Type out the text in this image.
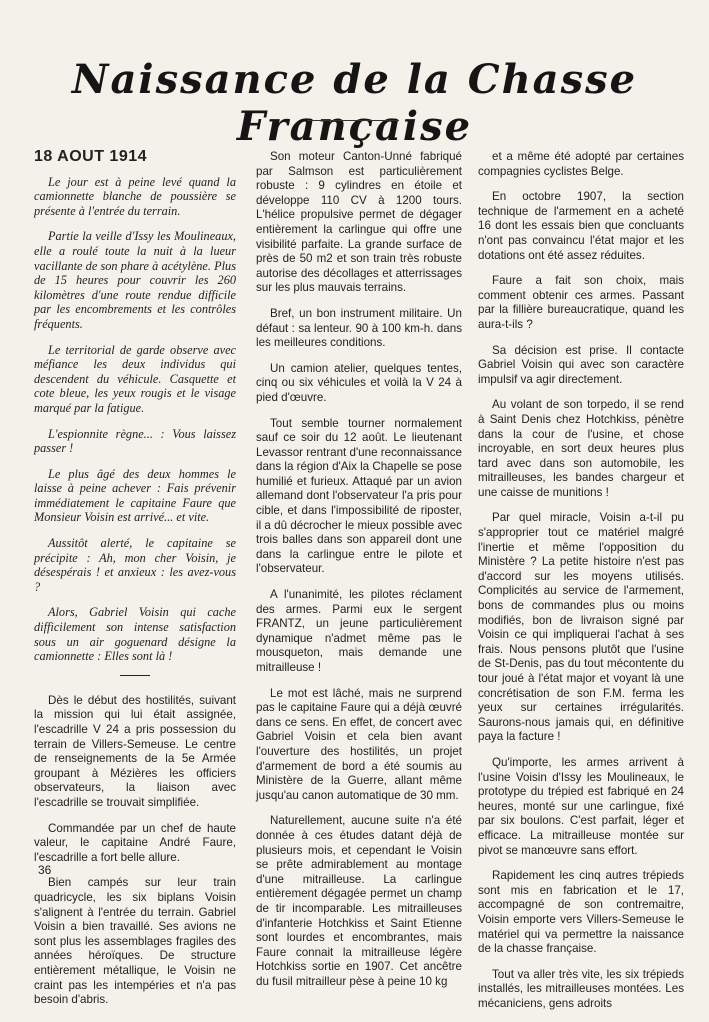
Naissance de la Chasse Française
18 AOUT 1914

Le jour est à peine levé quand la camionnette blanche de poussière se présente à l'entrée du terrain.

Partie la veille d'Issy les Moulineaux, elle a roulé toute la nuit à la lueur vacillante de son phare à acétylène. Plus de 15 heures pour couvrir les 260 kilomètres d'une route rendue difficile par les encombrements et les contrôles fréquents.

Le territorial de garde observe avec méfiance les deux individus qui descendent du véhicule. Casquette et cote bleue, les yeux rougis et le visage marqué par la fatigue.

L'espionnite règne... : Vous laissez passer !

Le plus âgé des deux hommes le laisse à peine achever : Fais prévenir immédiatement le capitaine Faure que Monsieur Voisin est arrivé... et vite.

Aussitôt alerté, le capitaine se précipite : Ah, mon cher Voisin, je désespérais ! et anxieux : les avez-vous ?

Alors, Gabriel Voisin qui cache difficilement son intense satisfaction sous un air goguenard désigne la camionnette : Elles sont là !

Dès le début des hostilités, suivant la mission qui lui était assignée, l'escadrille V 24 a pris possession du terrain de Villers-Semeuse. Le centre de renseignements de la 5e Armée groupant à Mézières les officiers observateurs, la liaison avec l'escadrille se trouvait simplifiée.

Commandée par un chef de haute valeur, le capitaine André Faure, l'escadrille a fort belle allure.

Bien campés sur leur train quadricycle, les six biplans Voisin s'alignent à l'entrée du terrain. Gabriel Voisin a bien travaillé. Ses avions ne sont plus les assemblages fragiles des années héroïques. De structure entièrement métallique, le Voisin ne craint pas les intempéries et n'a pas besoin d'abris.

Son moteur Canton-Unné fabriqué par Salmson est particulièrement robuste : 9 cylindres en étoile et développe 110 CV à 1200 tours. L'hélice propulsive permet de dégager entièrement la carlingue qui offre une visibilité parfaite. La grande surface de près de 50 m2 et son train très robuste autorise des décollages et atterrissages sur les plus mauvais terrains.

Bref, un bon instrument militaire. Un défaut : sa lenteur. 90 à 100 km-h. dans les meilleures conditions.

Un camion atelier, quelques tentes, cinq ou six véhicules et voilà la V 24 à pied d'œuvre.

Tout semble tourner normalement sauf ce soir du 12 août. Le lieutenant Levassor rentrant d'une reconnaissance dans la région d'Aix la Chapelle se pose humilié et furieux. Attaqué par un avion allemand dont l'observateur l'a pris pour cible, et dans l'impossibilité de riposter, il a dû décrocher le mieux possible avec trois balles dans son appareil dont une dans la carlingue entre le pilote et l'observateur.

A l'unanimité, les pilotes réclament des armes. Parmi eux le sergent FRANTZ, un jeune particulièrement dynamique n'admet même pas le mousqueton, mais demande une mitrailleuse !

Le mot est lâché, mais ne surprend pas le capitaine Faure qui a déjà œuvré dans ce sens. En effet, de concert avec Gabriel Voisin et cela bien avant l'ouverture des hostilités, un projet d'armement de bord a été soumis au Ministère de la Guerre, allant même jusqu'au canon automatique de 30 mm.

Naturellement, aucune suite n'a été donnée à ces études datant déjà de plusieurs mois, et cependant le Voisin se prête admirablement au montage d'une mitrailleuse. La carlingue entièrement dégagée permet un champ de tir incomparable. Les mitrailleuses d'infanterie Hotchkiss et Saint Etienne sont lourdes et encombrantes, mais Faure connait la mitrailleuse légère Hotchkiss sortie en 1907. Cet ancêtre du fusil mitrailleur pèse à peine 10 kg

et a même été adopté par certaines compagnies cyclistes Belge.

En octobre 1907, la section technique de l'armement en a acheté 16 dont les essais bien que concluants n'ont pas convaincu l'état major et les dotations ont été assez réduites.

Faure a fait son choix, mais comment obtenir ces armes. Passant par la fillière bureaucratique, quand les aura-t-ils ?

Sa décision est prise. Il contacte Gabriel Voisin qui avec son caractère impulsif va agir directement.

Au volant de son torpedo, il se rend à Saint Denis chez Hotchkiss, pénètre dans la cour de l'usine, et chose incroyable, en sort deux heures plus tard avec dans son automobile, les mitrailleuses, les bandes chargeur et une caisse de munitions !

Par quel miracle, Voisin a-t-il pu s'approprier tout ce matériel malgré l'inertie et même l'opposition du Ministère ? La petite histoire n'est pas d'accord sur les moyens utilisés. Complicités au service de l'armement, bons de commandes plus ou moins modifiés, bon de livraison signé par Voisin ce qui impliquerai l'achat à ses frais. Nous pensons plutôt que l'usine de St-Denis, pas du tout mécontente du tour joué à l'état major et voyant là une concrétisation de son F.M. ferma les yeux sur certaines irrégularités. Saurons-nous jamais qui, en définitive paya la facture !

Qu'importe, les armes arrivent à l'usine Voisin d'Issy les Moulineaux, le prototype du trépied est fabriqué en 24 heures, monté sur une carlingue, fixé par six boulons. C'est parfait, léger et efficace. La mitrailleuse montée sur pivot se manœuvre sans effort.

Rapidement les cinq autres trépieds sont mis en fabrication et le 17, accompagné de son contremaitre, Voisin emporte vers Villers-Semeuse le matériel qui va permettre la naissance de la chasse française.

Tout va aller très vite, les six trépieds installés, les mitrailleuses montées. Les mécaniciens, gens adroits

36
